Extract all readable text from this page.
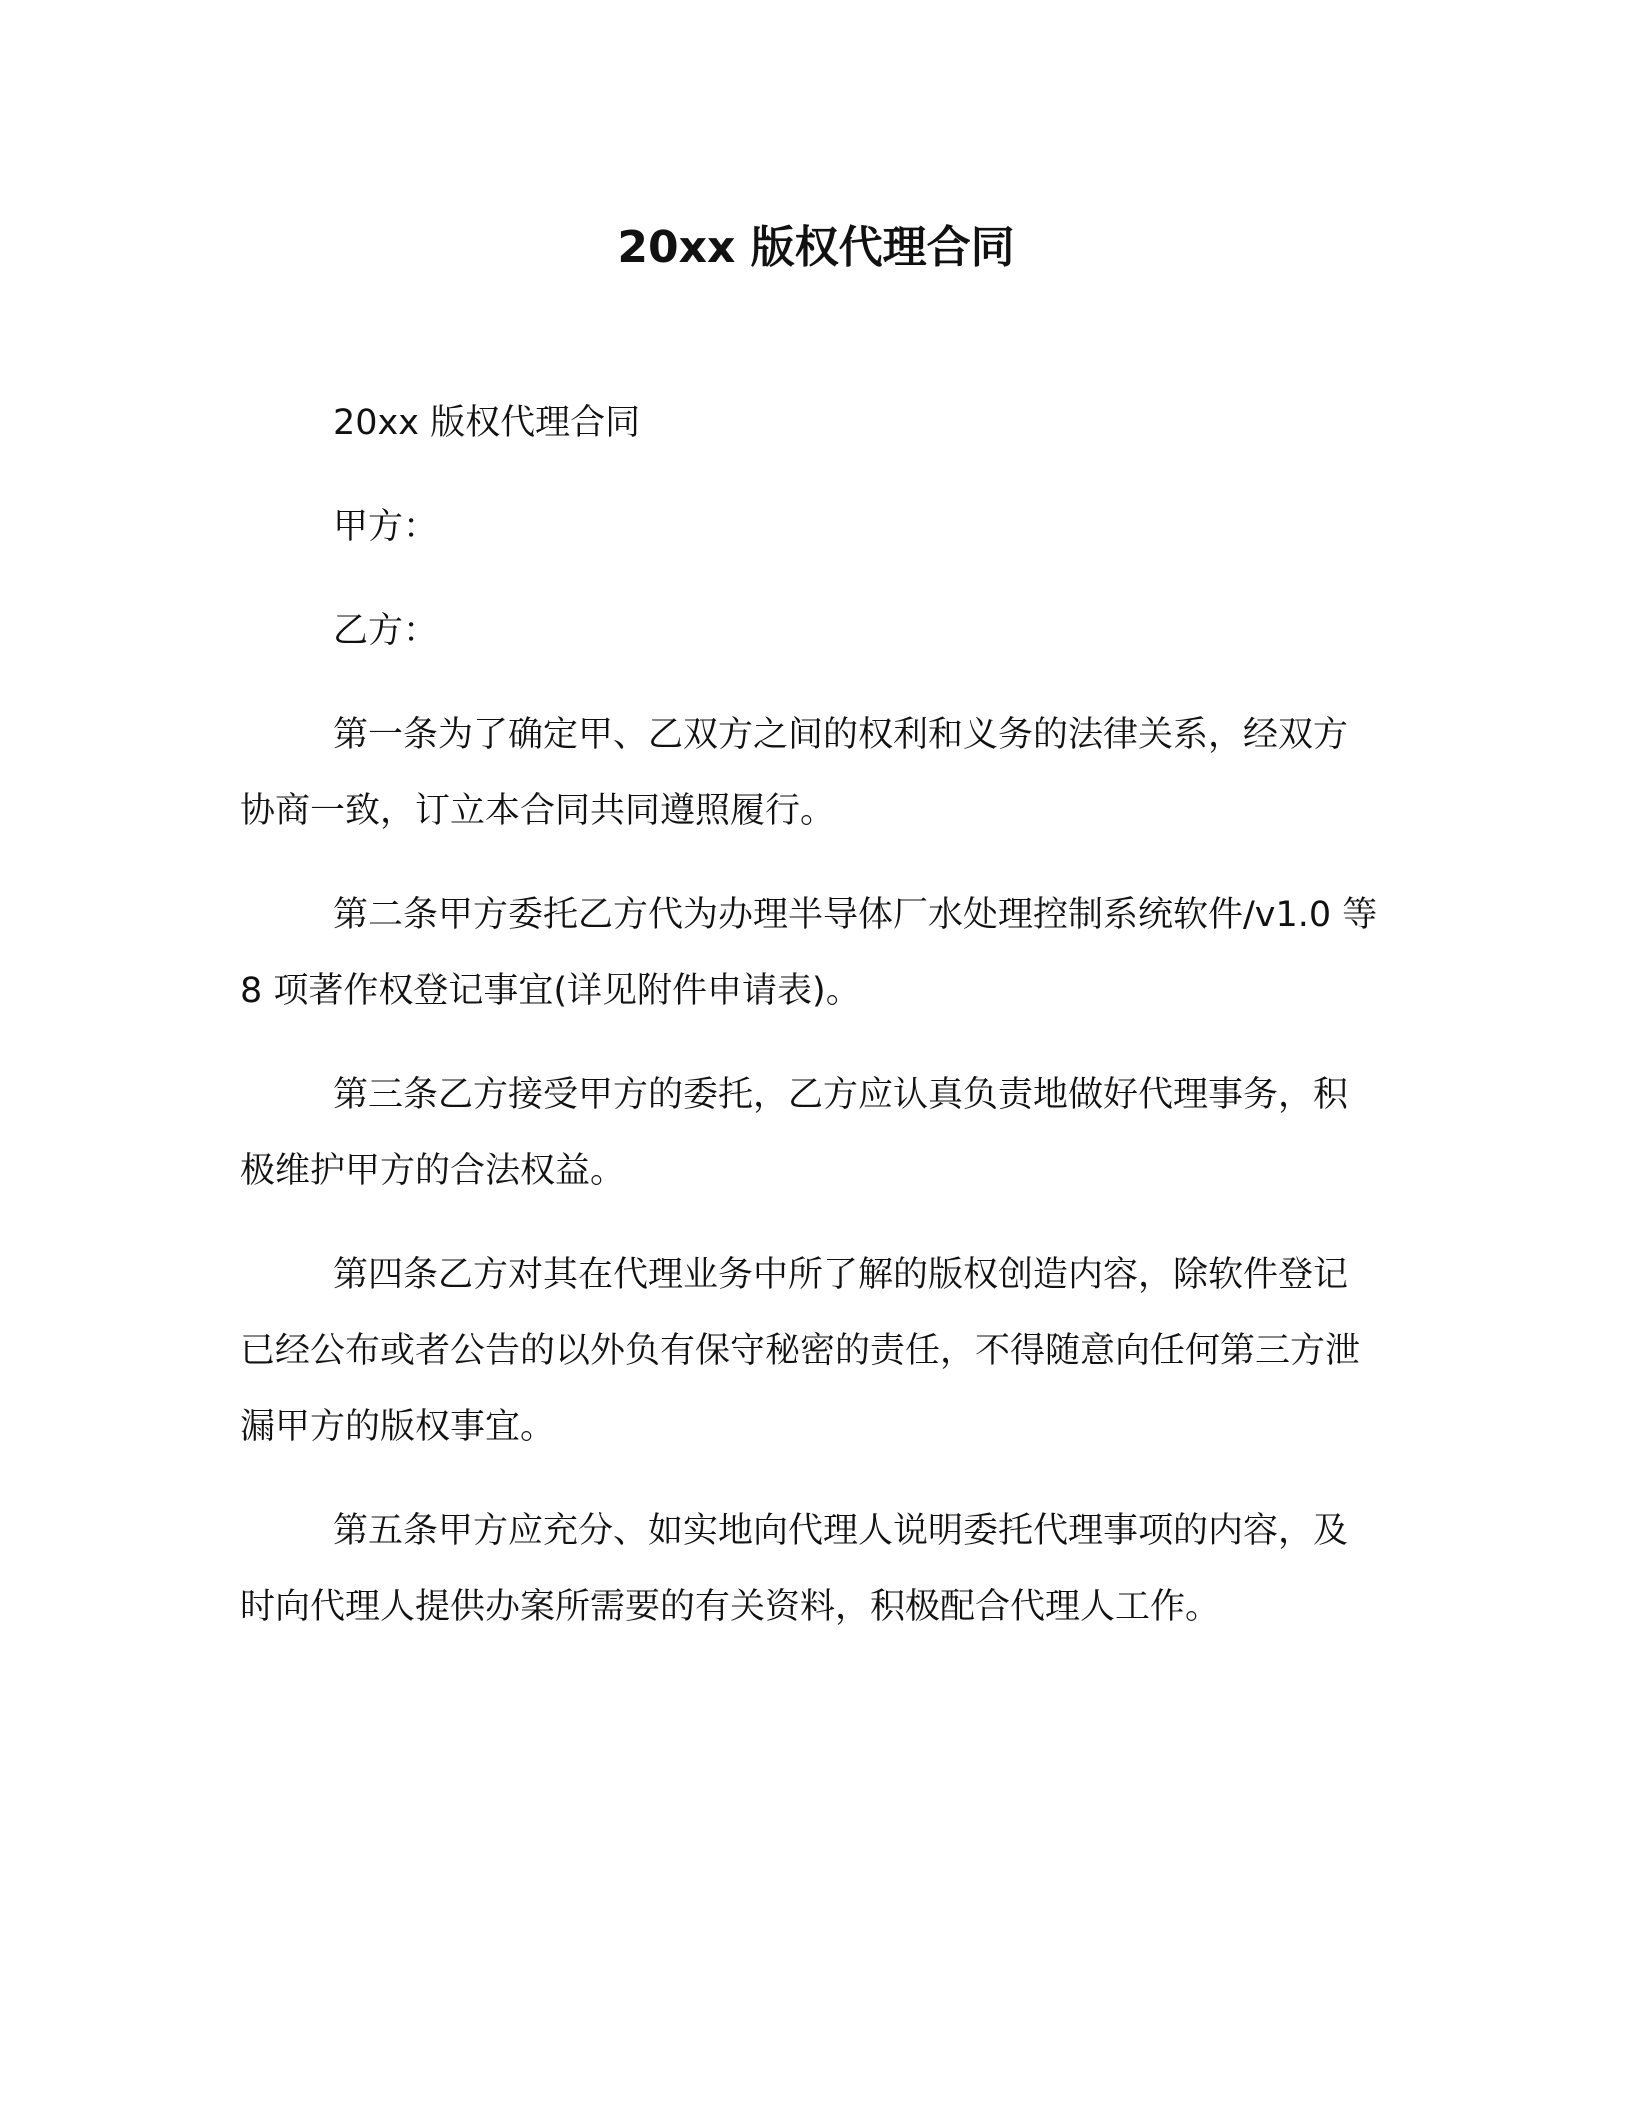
20xx 版权代理合同

20xx 版权代理合同

甲方：

乙方：

第一条为了确定甲、乙双方之间的权利和义务的法律关系，经双方协商一致，订立本合同共同遵照履行。

第二条甲方委托乙方代为办理半导体厂水处理控制系统软件/v1.0 等 8 项著作权登记事宜(详见附件申请表)。

第三条乙方接受甲方的委托，乙方应认真负责地做好代理事务，积极维护甲方的合法权益。

第四条乙方对其在代理业务中所了解的版权创造内容，除软件登记已经公布或者公告的以外负有保守秘密的责任，不得随意向任何第三方泄漏甲方的版权事宜。

第五条甲方应充分、如实地向代理人说明委托代理事项的内容，及时向代理人提供办案所需要的有关资料，积极配合代理人工作。
